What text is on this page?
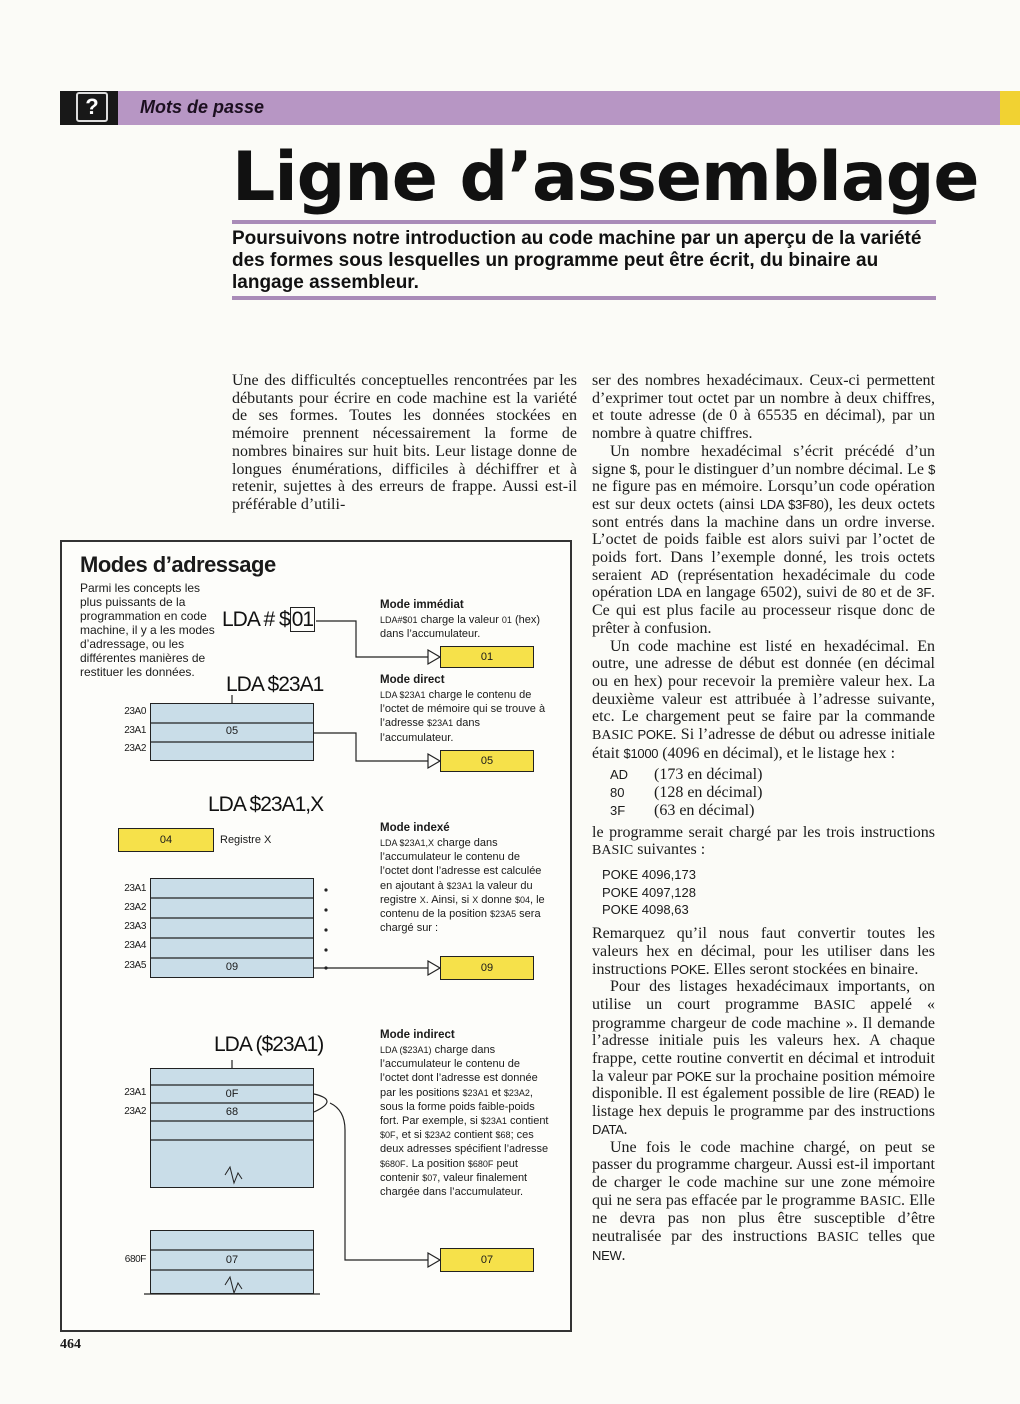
?	Mots de passe
Ligne d’assemblage
Poursuivons notre introduction au code machine par un aperçu de la variété des formes sous lesquelles un programme peut être écrit, du binaire au langage assembleur.

Une des difficultés conceptuelles rencontrées par les débutants pour écrire en code machine est la variété de ses formes. Toutes les données stockées en mémoire prennent nécessairement la forme de nombres binaires sur huit bits. Leur listage donne de longues énumérations, difficiles à déchiffrer et à retenir, sujettes à des erreurs de frappe. Aussi est-il préférable d’utili-

ser des nombres hexadécimaux. Ceux-ci permettent d’exprimer tout octet par un nombre à deux chiffres, et toute adresse (de 0 à 65535 en décimal), par un nombre à quatre chiffres.

Un nombre hexadécimal s’écrit précédé d’un signe $, pour le distinguer d’un nombre décimal. Le $ ne figure pas en mémoire. Lorsqu’un code opération est sur deux octets (ainsi LDA $3F80), les deux octets sont entrés dans la machine dans un ordre inverse. L’octet de poids faible est alors suivi par l’octet de poids fort. Dans l’exemple donné, les trois octets seraient AD (représentation hexadécimale du code opération LDA en langage 6502), suivi de 80 et de 3F. Ce qui est plus facile au processeur risque donc de prêter à confusion.

Un code machine est listé en hexadécimal. En outre, une adresse de début est donnée (en décimal ou en hex) pour recevoir la première valeur hex. La deuxième valeur est attribuée à l’adresse suivante, etc. Le chargement peut se faire par la commande BASIC POKE. Si l’adresse de début ou adresse initiale était $1000 (4096 en décimal), et le listage hex :

AD (173 en décimal)
80 (128 en décimal)
3F (63 en décimal)

le programme serait chargé par les trois instructions BASIC suivantes :

POKE 4096,173
POKE 4097,128
POKE 4098,63

Remarquez qu’il nous faut convertir toutes les valeurs hex en décimal, pour les utiliser dans les instructions POKE. Elles seront stockées en binaire.

Pour des listages hexadécimaux importants, on utilise un court programme BASIC appelé « programme chargeur de code machine ». Il demande l’adresse initiale puis les valeurs hex. A chaque frappe, cette routine convertit en décimal et introduit la valeur par POKE sur la prochaine position mémoire disponible. Il est également possible de lire (READ) le listage hex depuis le programme par des instructions DATA.

Une fois le code machine chargé, on peut se passer du programme chargeur. Aussi est-il important de charger le code machine sur une zone mémoire qui ne sera pas effacée par le programme BASIC. Elle ne devra pas non plus être susceptible d’être neutralisée par des instructions BASIC telles que NEW.

Modes d’adressage
Parmi les concepts les plus puissants de la programmation en code machine, il y a les modes d’adressage, ou les différentes manières de restituer les données.
LDA # $01
Mode immédiat
LDA#$01 charge la valeur 01 (hex) dans l’accumulateur.
01
LDA $23A1	Mode direct
LDA $23A1 charge le contenu de l’octet de mémoire qui se trouve à l’adresse $23A1 dans l’accumulateur.
23A0
23A1
23A2
05
05
LDA $23A1,X
04	Registre X
Mode indexé
LDA $23A1,X charge dans l’accumulateur le contenu de l’octet dont l’adresse est calculée en ajoutant à $23A1 la valeur du registre X. Ainsi, si X donne $04, le contenu de la position $23A5 sera chargé sur :
23A1
23A2
23A3
23A4
23A5	09	09
LDA ($23A1)	Mode indirect
LDA ($23A1) charge dans l’accumulateur le contenu de l’octet dont l’adresse est donnée par les positions $23A1 et $23A2, sous la forme poids faible-poids fort. Par exemple, si $23A1 contient $0F, et si $23A2 contient $68; ces deux adresses spécifient l’adresse $680F. La position $680F peut contenir $07, valeur finalement chargée dans l’accumulateur.
23A1
23A2
0F
68
680F	07	07
464
